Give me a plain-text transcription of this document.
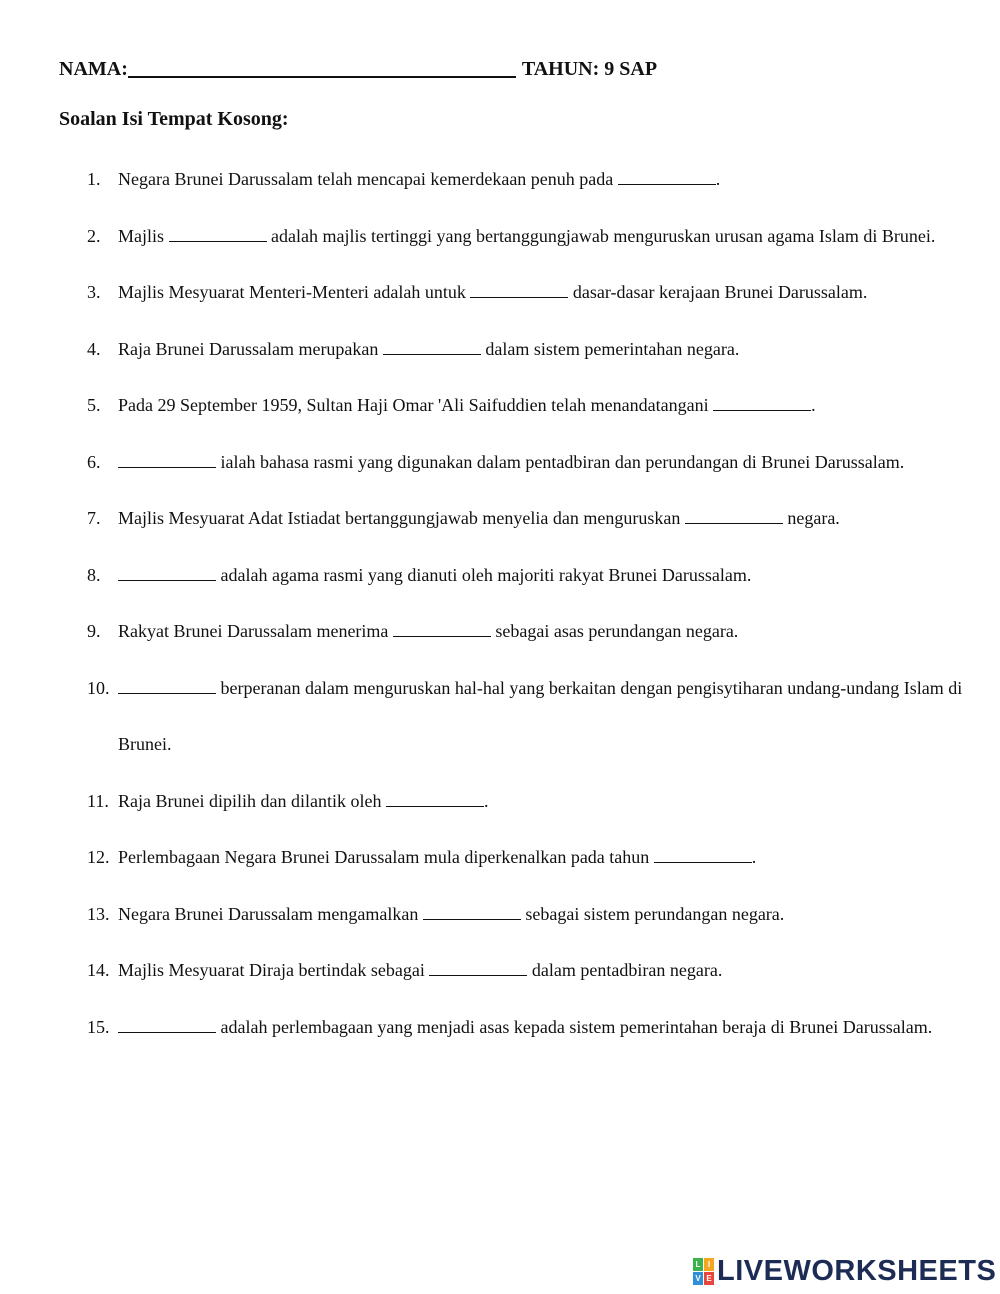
NAMA:	TAHUN: 9 SAP
Soalan Isi Tempat Kosong:
1. Negara Brunei Darussalam telah mencapai kemerdekaan penuh pada	.
2. Majlis	adalah majlis tertinggi yang bertanggungjawab menguruskan urusan agama Islam di Brunei.
3. Majlis Mesyuarat Menteri-Menteri adalah untuk	dasar-dasar kerajaan Brunei Darussalam.
4. Raja Brunei Darussalam merupakan	dalam sistem pemerintahan negara.
5. Pada 29 September 1959, Sultan Haji Omar 'Ali Saifuddien telah menandatangani	.
6.	ialah bahasa rasmi yang digunakan dalam pentadbiran dan perundangan di Brunei Darussalam.
7. Majlis Mesyuarat Adat Istiadat bertanggungjawab menyelia dan menguruskan	negara.
8.	adalah agama rasmi yang dianuti oleh majoriti rakyat Brunei Darussalam.
9. Rakyat Brunei Darussalam menerima	sebagai asas perundangan negara.
10.	berperanan dalam menguruskan hal-hal yang berkaitan dengan pengisytiharan undang-undang Islam di Brunei.
11. Raja Brunei dipilih dan dilantik oleh	.
12. Perlembagaan Negara Brunei Darussalam mula diperkenalkan pada tahun	.
13. Negara Brunei Darussalam mengamalkan	sebagai sistem perundangan negara.
14. Majlis Mesyuarat Diraja bertindak sebagai	dalam pentadbiran negara.
15.	adalah perlembagaan yang menjadi asas kepada sistem pemerintahan beraja di Brunei Darussalam.
L I
V E LIVEWORKSHEETS
